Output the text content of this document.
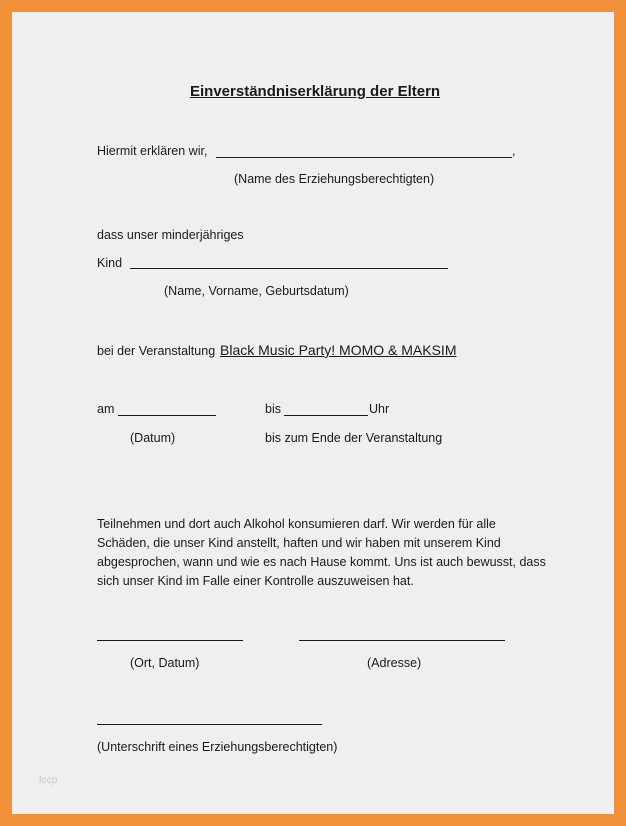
Einverständniserklärung der Eltern
Hiermit erklären wir,	,
(Name des Erziehungsberechtigten)
dass unser minderjähriges
Kind
(Name, Vorname, Geburtsdatum)
bei der Veranstaltung Black Music Party! MOMO & MAKSIM
am	bis	Uhr
(Datum)	bis zum Ende der Veranstaltung
Teilnehmen und dort auch Alkohol konsumieren darf. Wir werden für alle
Schäden, die unser Kind anstellt, haften und wir haben mit unserem Kind
abgesprochen, wann und wie es nach Hause kommt. Uns ist auch bewusst, dass
sich unser Kind im Falle einer Kontrolle auszuweisen hat.
(Ort, Datum)	(Adresse)
(Unterschrift eines Erziehungsberechtigten)
fccp
